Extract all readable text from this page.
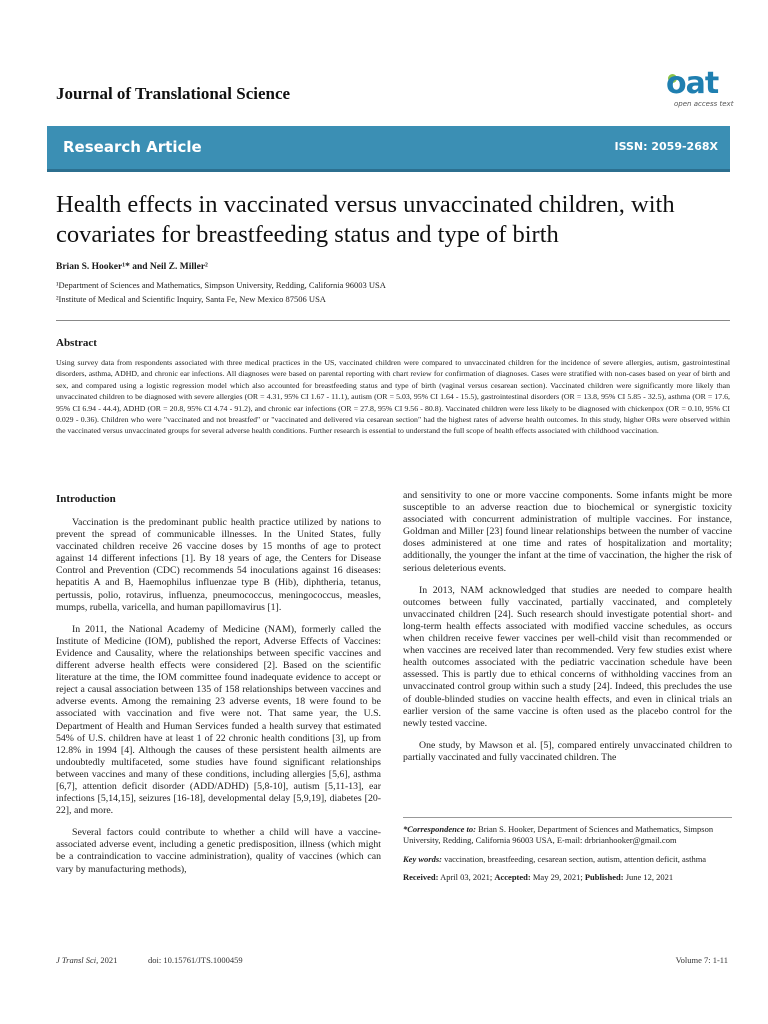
Journal of Translational Science	oat
open access text
Research Article	ISSN: 2059-268X
Health effects in vaccinated versus unvaccinated children, with covariates for breastfeeding status and type of birth
Brian S. Hooker¹* and Neil Z. Miller²
¹Department of Sciences and Mathematics, Simpson University, Redding, California 96003 USA
²Institute of Medical and Scientific Inquiry, Santa Fe, New Mexico 87506 USA
Abstract
Using survey data from respondents associated with three medical practices in the US, vaccinated children were compared to unvaccinated children for the incidence of severe allergies, autism, gastrointestinal disorders, asthma, ADHD, and chronic ear infections. All diagnoses were based on parental reporting with chart review for confirmation of diagnoses. Cases were stratified with non-cases based on year of birth and sex, and compared using a logistic regression model which also accounted for breastfeeding status and type of birth (vaginal versus cesarean section). Vaccinated children were significantly more likely than unvaccinated children to be diagnosed with severe allergies (OR = 4.31, 95% CI 1.67 - 11.1), autism (OR = 5.03, 95% CI 1.64 - 15.5), gastrointestinal disorders (OR = 13.8, 95% CI 5.85 - 32.5), asthma (OR = 17.6, 95% CI 6.94 - 44.4), ADHD (OR = 20.8, 95% CI 4.74 - 91.2), and chronic ear infections (OR = 27.8, 95% CI 9.56 - 80.8). Vaccinated children were less likely to be diagnosed with chickenpox (OR = 0.10, 95% CI 0.029 - 0.36). Children who were "vaccinated and not breastfed" or "vaccinated and delivered via cesarean section" had the highest rates of adverse health outcomes. In this study, higher ORs were observed within the vaccinated versus unvaccinated groups for several adverse health conditions. Further research is essential to understand the full scope of health effects associated with childhood vaccination.
Introduction

Vaccination is the predominant public health practice utilized by nations to prevent the spread of communicable illnesses. In the United States, fully vaccinated children receive 26 vaccine doses by 15 months of age to protect against 14 different infections [1]. By 18 years of age, the Centers for Disease Control and Prevention (CDC) recommends 54 inoculations against 16 diseases: hepatitis A and B, Haemophilus influenzae type B (Hib), diphtheria, tetanus, pertussis, polio, rotavirus, influenza, pneumococcus, meningococcus, measles, mumps, rubella, varicella, and human papillomavirus [1].

In 2011, the National Academy of Medicine (NAM), formerly called the Institute of Medicine (IOM), published the report, Adverse Effects of Vaccines: Evidence and Causality, where the relationships between specific vaccines and different adverse health effects were considered [2]. Based on the scientific literature at the time, the IOM committee found inadequate evidence to accept or reject a causal association between 135 of 158 relationships between vaccines and adverse events. Among the remaining 23 adverse events, 18 were found to be associated with vaccination and five were not. That same year, the U.S. Department of Health and Human Services funded a health survey that estimated 54% of U.S. children have at least 1 of 22 chronic health conditions [3], up from 12.8% in 1994 [4]. Although the causes of these persistent health ailments are undoubtedly multifaceted, some studies have found significant relationships between vaccines and many of these conditions, including allergies [5,6], asthma [6,7], attention deficit disorder (ADD/ADHD) [5,8-10], autism [5,11-13], ear infections [5,14,15], seizures [16-18], developmental delay [5,9,19], diabetes [20-22], and more.

Several factors could contribute to whether a child will have a vaccine-associated adverse event, including a genetic predisposition, illness (which might be a contraindication to vaccine administration), quality of vaccines (which can vary by manufacturing methods),

and sensitivity to one or more vaccine components. Some infants might be more susceptible to an adverse reaction due to biochemical or synergistic toxicity associated with concurrent administration of multiple vaccines. For instance, Goldman and Miller [23] found linear relationships between the number of vaccine doses administered at one time and rates of hospitalization and mortality; additionally, the younger the infant at the time of vaccination, the higher the risk of serious deleterious events.

In 2013, NAM acknowledged that studies are needed to compare health outcomes between fully vaccinated, partially vaccinated, and completely unvaccinated children [24]. Such research should investigate potential short- and long-term health effects associated with modified vaccine schedules, as occurs when children receive fewer vaccines per well-child visit than recommended or when vaccines are received later than recommended. Very few studies exist where health outcomes associated with the pediatric vaccination schedule have been assessed. This is partly due to ethical concerns of withholding vaccines from an unvaccinated control group within such a study [24]. Indeed, this precludes the use of double-blinded studies on vaccine health effects, and even in clinical trials an earlier version of the same vaccine is often used as the placebo control for the newly tested vaccine.

One study, by Mawson et al. [5], compared entirely unvaccinated children to partially vaccinated and fully vaccinated children. The

*Correspondence to: Brian S. Hooker, Department of Sciences and Mathematics, Simpson University, Redding, California 96003 USA, E-mail: drbrianhooker@gmail.com

Key words: vaccination, breastfeeding, cesarean section, autism, attention deficit, asthma

Received: April 03, 2021; Accepted: May 29, 2021; Published: June 12, 2021

J Transl Sci, 2021	doi: 10.15761/JTS.1000459	Volume 7: 1-11
